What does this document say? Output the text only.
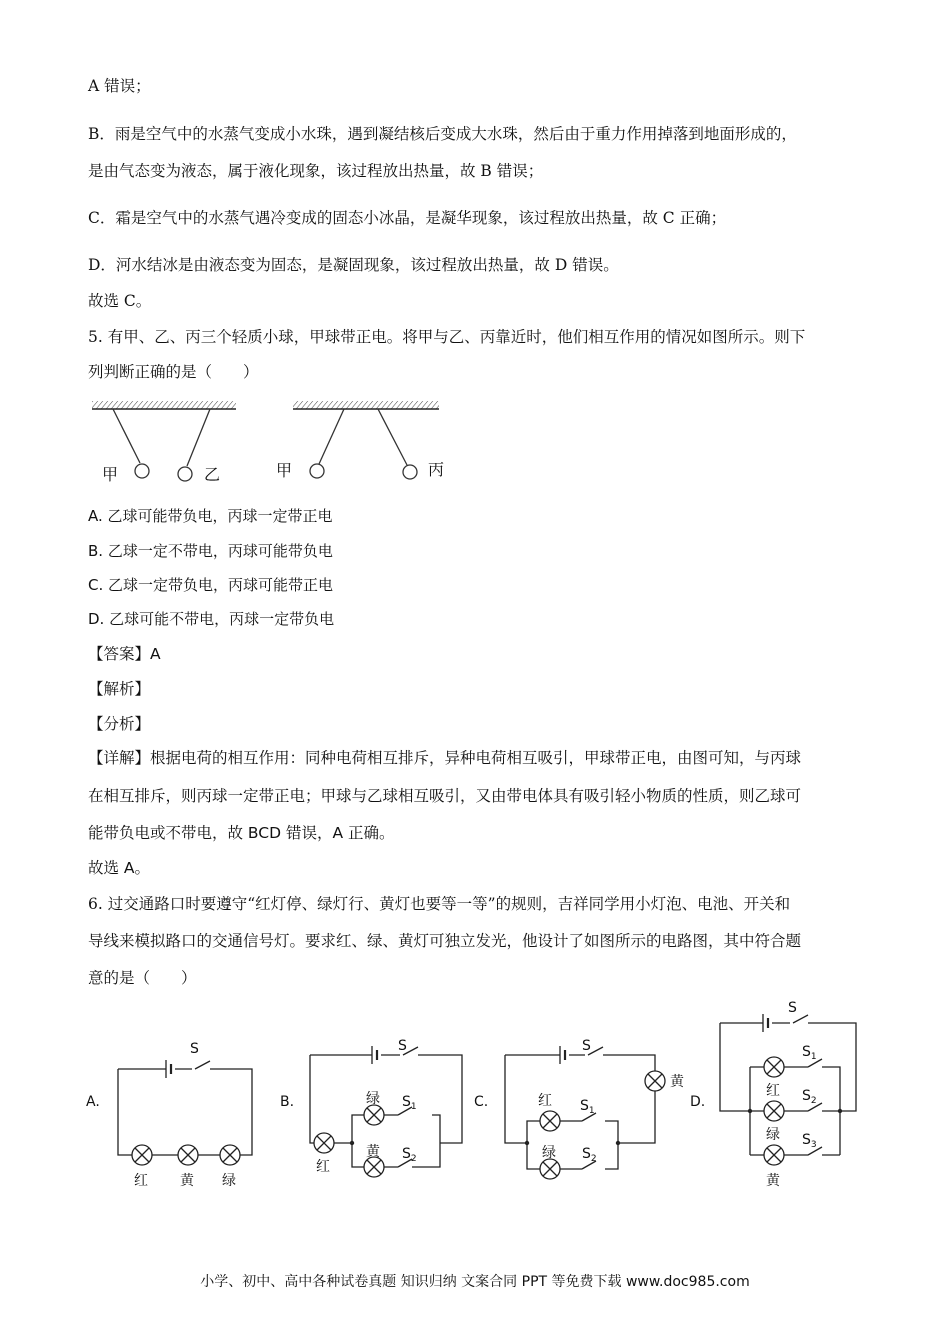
A 错误；
B．雨是空气中的水蒸气变成小水珠，遇到凝结核后变成大水珠，然后由于重力作用掉落到地面形成的，
是由气态变为液态，属于液化现象，该过程放出热量，故 B 错误；
C．霜是空气中的水蒸气遇冷变成的固态小冰晶，是凝华现象，该过程放出热量，故 C 正确；
D．河水结冰是由液态变为固态，是凝固现象，该过程放出热量，故 D 错误。
故选 C。
5. 有甲、乙、丙三个轻质小球，甲球带正电。将甲与乙、丙靠近时，他们相互作用的情况如图所示。则下
列判断正确的是（　　）
甲	乙	甲	丙
A. 乙球可能带负电，丙球一定带正电
B. 乙球一定不带电，丙球可能带负电
C. 乙球一定带负电，丙球可能带正电
D. 乙球可能不带电，丙球一定带负电
【答案】A
【解析】
【分析】
【详解】根据电荷的相互作用：同种电荷相互排斥，异种电荷相互吸引，甲球带正电，由图可知，与丙球
在相互排斥，则丙球一定带正电；甲球与乙球相互吸引，又由带电体具有吸引轻小物质的性质，则乙球可
能带负电或不带电，故 BCD 错误，A 正确。
故选 A。
6. 过交通路口时要遵守“红灯停、绿灯行、黄灯也要等一等”的规则，吉祥同学用小灯泡、电池、开关和
导线来模拟路口的交通信号灯。要求红、绿、黄灯可独立发光，他设计了如图所示的电路图，其中符合题
意的是（　　）
A.
S
红 黄 绿
B.
S
绿 $S_1$
黄 $S_2$
红
C.
S
黄
红 $S_1$
绿 $S_2$
D.
S
$S_1$
红 $S_2$
绿 $S_3$
黄
小学、初中、高中各种试卷真题 知识归纳 文案合同 PPT 等免费下载 www.doc985.com
